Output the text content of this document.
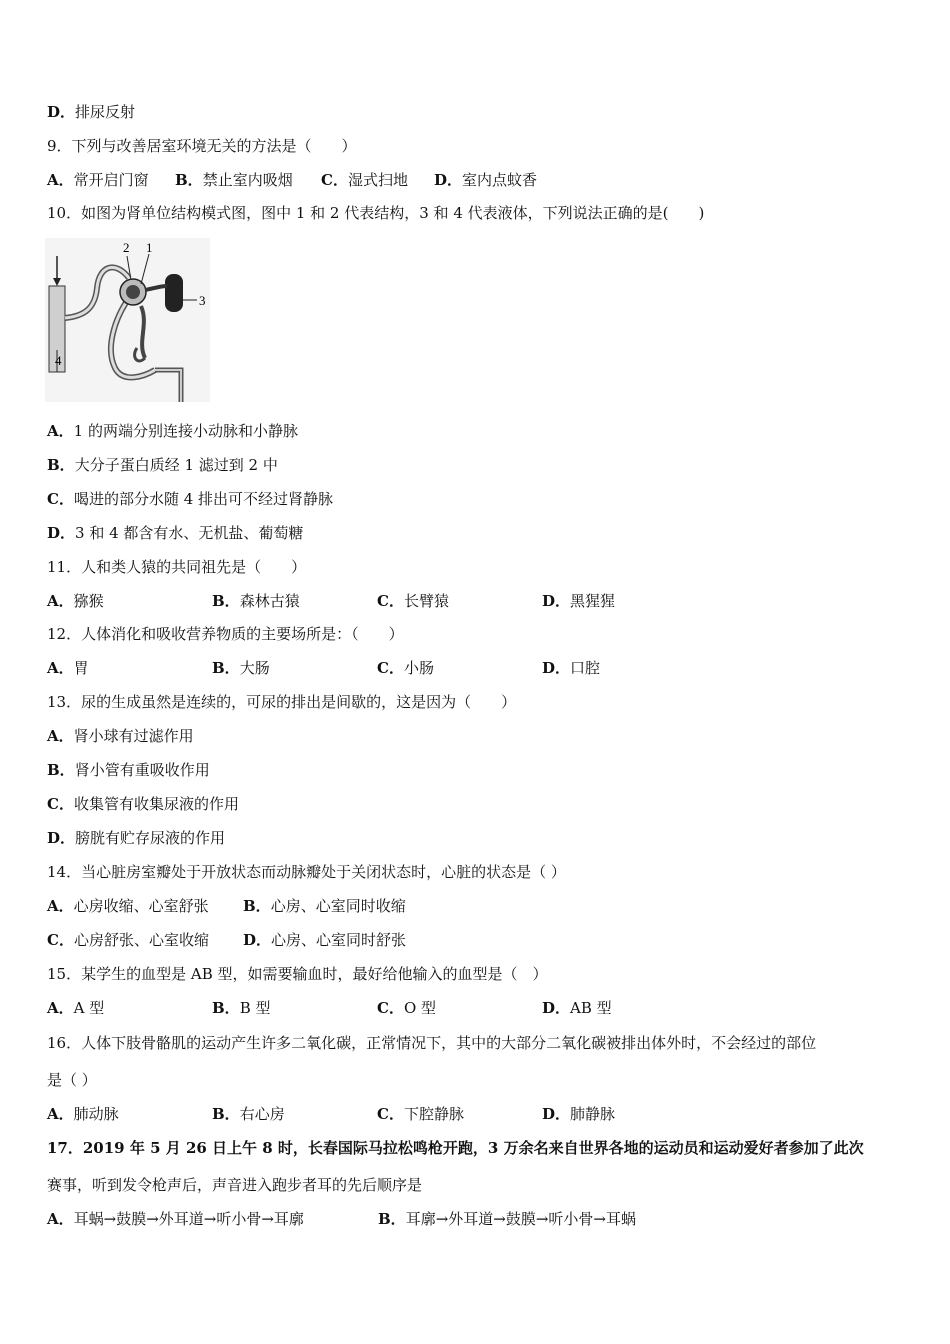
D．排尿反射
9．下列与改善居室环境无关的方法是（　　）
A．常开启门窗 B．禁止室内吸烟 C．湿式扫地 D．室内点蚊香
10．如图为肾单位结构模式图，图中 1 和 2 代表结构，3 和 4 代表液体，下列说法正确的是(　　)
2 1
3
4
A．1 的两端分别连接小动脉和小静脉
B．大分子蛋白质经 1 滤过到 2 中
C．喝进的部分水随 4 排出可不经过肾静脉
D．3 和 4 都含有水、无机盐、葡萄糖
11．人和类人猿的共同祖先是（　　）
A．猕猴	B．森林古猿	C．长臂猿	D．黑猩猩
12．人体消化和吸收营养物质的主要场所是：（　　）
A．胃	B．大肠	C．小肠	D．口腔
13．尿的生成虽然是连续的，可尿的排出是间歇的，这是因为（　　）
A．肾小球有过滤作用
B．肾小管有重吸收作用
C．收集管有收集尿液的作用
D．膀胱有贮存尿液的作用
14．当心脏房室瓣处于开放状态而动脉瓣处于关闭状态时，心脏的状态是（ ）
A．心房收缩、心室舒张 B．心房、心室同时收缩
C．心房舒张、心室收缩 D．心房、心室同时舒张
15．某学生的血型是 AB 型，如需要输血时，最好给他输入的血型是（　）
A．A 型	B．B 型	C．O 型	D．AB 型
16．人体下肢骨骼肌的运动产生许多二氧化碳，正常情况下，其中的大部分二氧化碳被排出体外时，不会经过的部位
是（ ）
A．肺动脉	B．右心房	C．下腔静脉	D．肺静脉
17．2019 年 5 月 26 日上午 8 时，长春国际马拉松鸣枪开跑，3 万余名来自世界各地的运动员和运动爱好者参加了此次
赛事，听到发令枪声后，声音进入跑步者耳的先后顺序是
A．耳蜗→鼓膜→外耳道→听小骨→耳廓	B．耳廓→外耳道→鼓膜→听小骨→耳蜗
